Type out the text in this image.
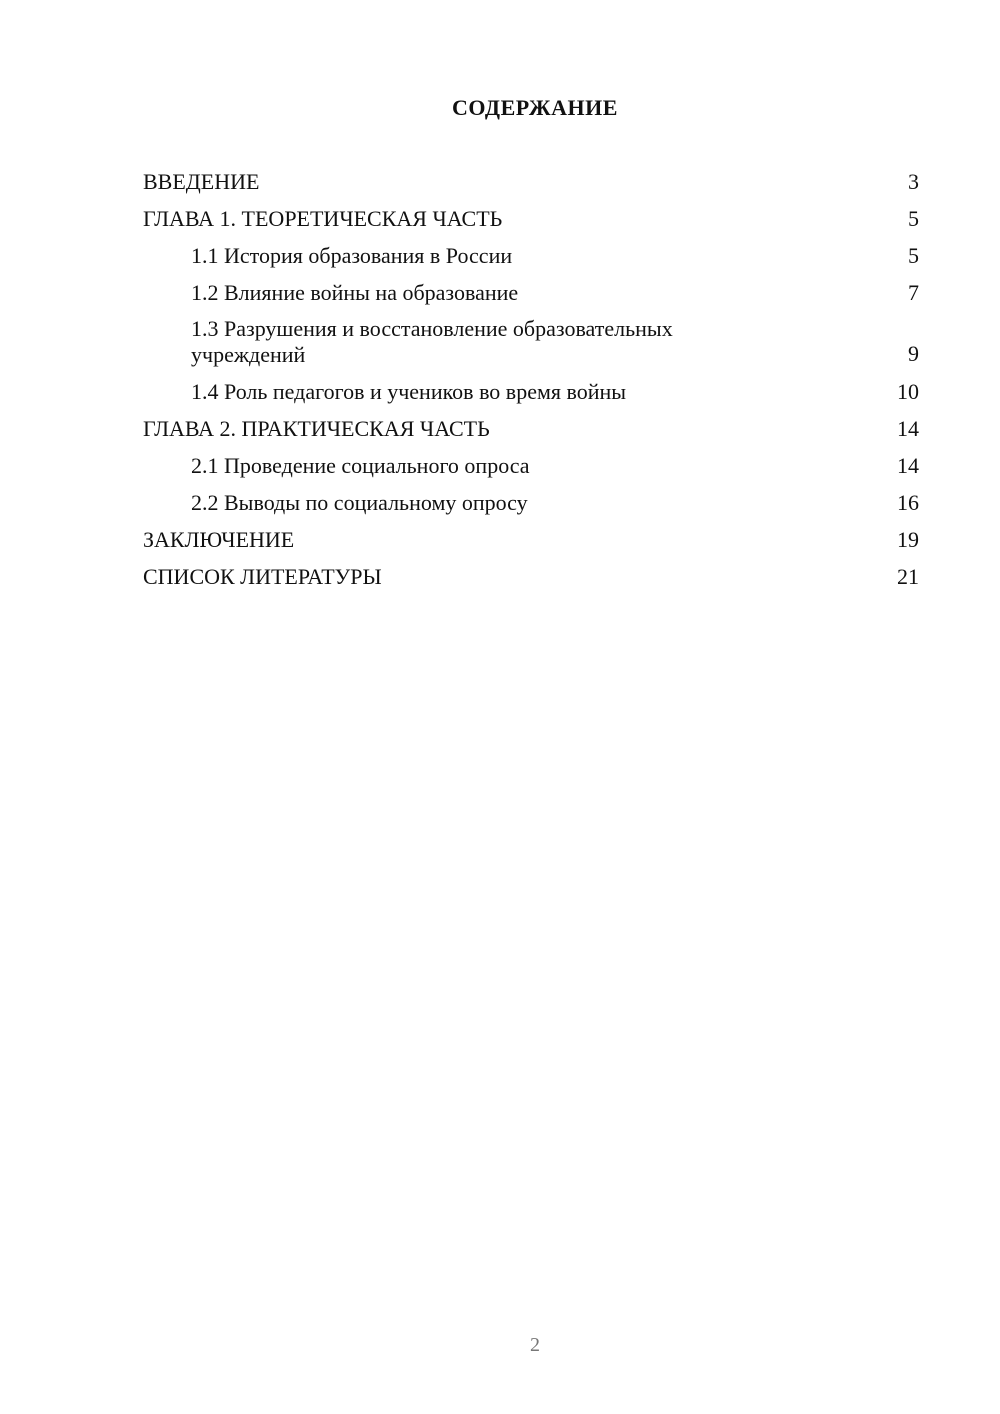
СОДЕРЖАНИЕ
ВВЕДЕНИЕ	3
ГЛАВА 1. ТЕОРЕТИЧЕСКАЯ ЧАСТЬ	5
1.1 История образования в России	5
1.2 Влияние войны на образование	7
1.3 Разрушения и восстановление образовательных учреждений	9
1.4 Роль педагогов и учеников во время войны	10
ГЛАВА 2. ПРАКТИЧЕСКАЯ ЧАСТЬ	14
2.1 Проведение социального опроса	14
2.2 Выводы по социальному опросу	16
ЗАКЛЮЧЕНИЕ	19
СПИСОК ЛИТЕРАТУРЫ	21
2
